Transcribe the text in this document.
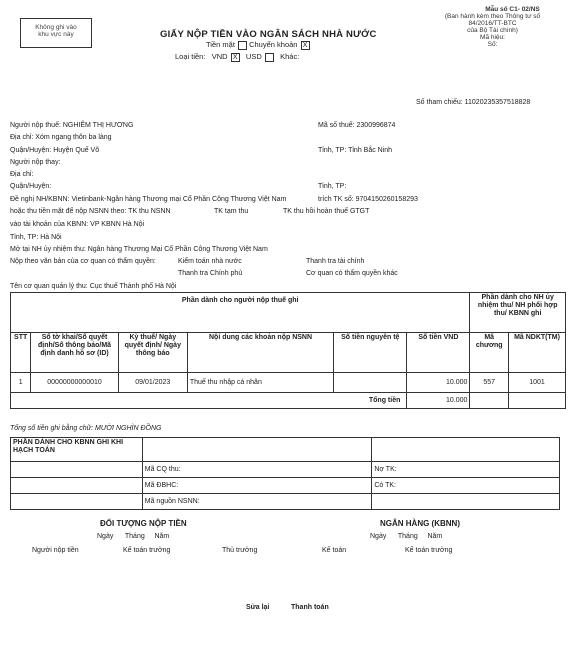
Không ghi vào
khu vực này
Mẫu số C1- 02/NS
(Ban hành kèm theo Thông tư số
84/2016/TT-BTC
của Bộ Tài chính)
Mã hiệu:
Số:
GIẤY NỘP TIỀN VÀO NGÂN SÁCH NHÀ NƯỚC
Tiền mặt Chuyển khoản X
Loại tiền: VND X USD Khác:
Số tham chiếu: 11020235357518828
Người nộp thuế: NGHIÊM THỊ HƯƠNG	Mã số thuế: 2300996874
Địa chỉ: Xóm ngang thôn ba làng
Quận/Huyện: Huyện Quế Võ	Tỉnh, TP: Tỉnh Bắc Ninh
Người nộp thay:
Địa chỉ:
Quận/Huyện:	Tỉnh, TP:
Đề nghị NH/KBNN: Vietinbank-Ngân hàng Thương mại Cổ Phần Công Thương Việt Nam	trích TK số: 9704150260158293
hoặc thu tiền mặt để nộp NSNN theo: TK thu NSNN	TK tạm thu	TK thu hồi hoàn thuế GTGT
vào tài khoản của KBNN: VP KBNN Hà Nội
Tỉnh, TP: Hà Nội
Mở tại NH ủy nhiệm thu: Ngân hàng Thương Mại Cổ Phần Công Thương Việt Nam
Nộp theo văn bản của cơ quan có thẩm quyền:	Kiểm toán nhà nước	Thanh tra tài chính
Thanh tra Chính phủ	Cơ quan có thẩm quyền khác
Tên cơ quan quản lý thu: Cục thuế Thành phố Hà Nội
Phần dành cho người nộp thuế ghi						Phần dành cho NH ủy nhiệm thu/ NH phối hợp thu/ KBNN ghi	
STT	Số tờ khai/Số quyết định/Số thông báo/Mã định danh hồ sơ (ID)	Kỳ thuế/ Ngày quyết định/ Ngày thông báo	Nội dung các khoản nộp NSNN	Số tiền nguyên tệ	Số tiền VND	Mã chương	Mã NDKT(TM)
1	00000000000010	09/01/2023	Thuế thu nhập cá nhân		10.000	557	1001
Tổng tiền					10.000		
Tổng số tiền ghi bằng chữ: MƯỜI NGHÌN ĐỒNG
PHẦN DÀNH CHO KBNN GHI KHI HẠCH TOÁN		
	Mã CQ thu:	Nợ TK:
	Mã ĐBHC:	Có TK:
	Mã nguồn NSNN:	
ĐỐI TƯỢNG NỘP TIỀN	NGÂN HÀNG (KBNN)
Ngày      Tháng     Năm	Ngày      Tháng     Năm
Người nộp tiền	Kế toán trưởng	Thủ trưởng	Kế toán	Kế toán trưởng
Sửa lại	Thanh toán
